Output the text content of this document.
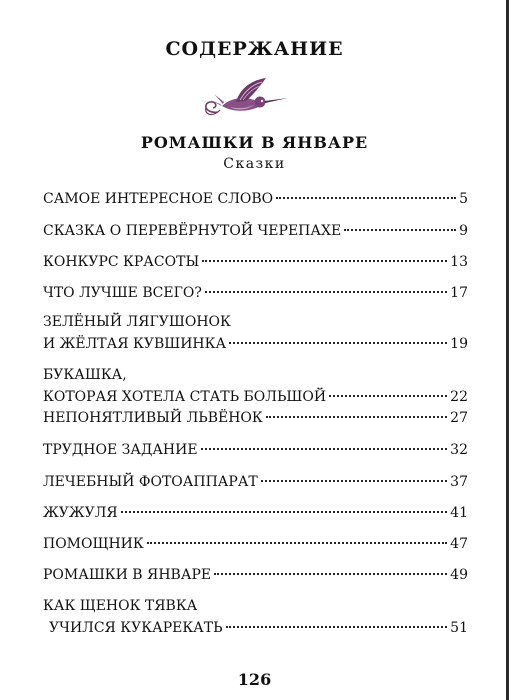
СОДЕРЖАНИЕ
РОМАШКИ В ЯНВАРЕ
Сказки
САМОЕ ИНТЕРЕСНОЕ СЛОВО	5
СКАЗКА О ПЕРЕВЁРНУТОЙ ЧЕРЕПАХЕ	9
КОНКУРС КРАСОТЫ	13
ЧТО ЛУЧШЕ ВСЕГО?	17
ЗЕЛЁНЫЙ ЛЯГУШОНОК
И ЖЁЛТАЯ КУВШИНКА	19
БУКАШКА,
КОТОРАЯ ХОТЕЛА СТАТЬ БОЛЬШОЙ	22
НЕПОНЯТЛИВЫЙ ЛЬВЁНОК	27
ТРУДНОЕ ЗАДАНИЕ	32
ЛЕЧЕБНЫЙ ФОТОАППАРАТ	37
ЖУЖУЛЯ	41
ПОМОЩНИК	47
РОМАШКИ В ЯНВАРЕ	49
КАК ЩЕНОК ТЯВКА
УЧИЛСЯ КУКАРЕКАТЬ	51
126
